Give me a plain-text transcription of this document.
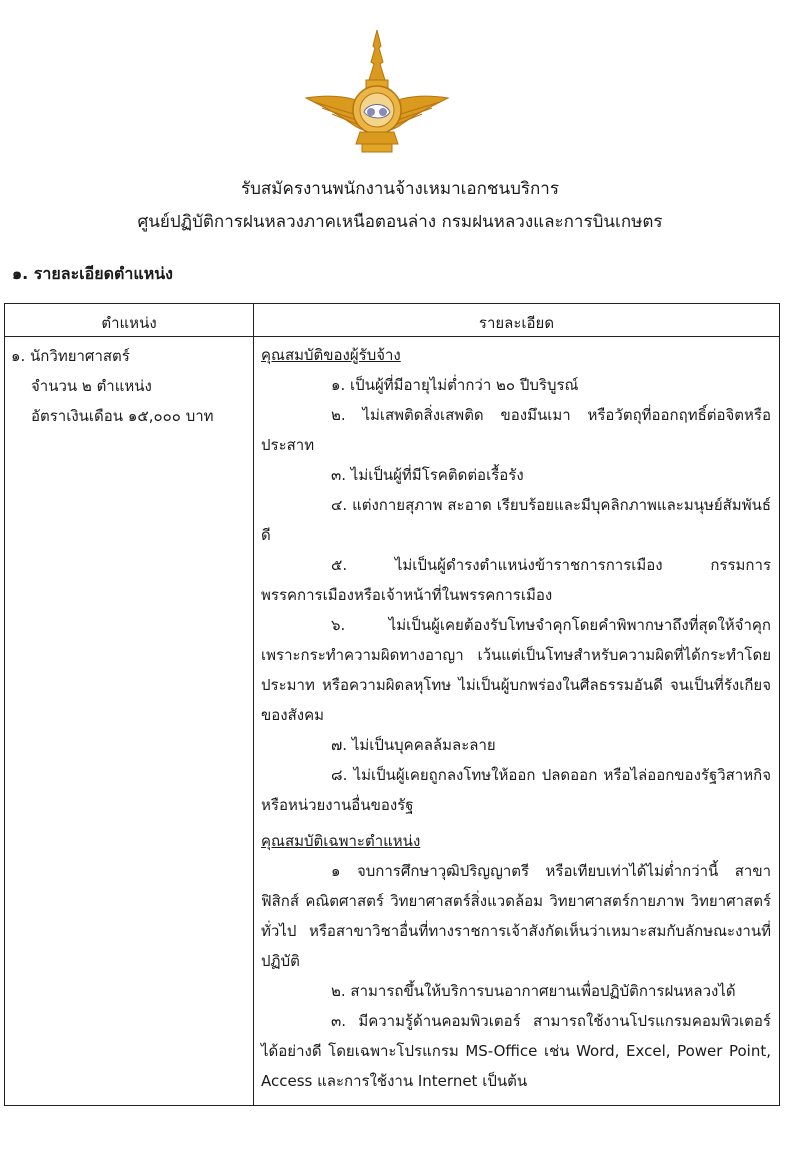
รับสมัครงานพนักงานจ้างเหมาเอกชนบริการ
ศูนย์ปฏิบัติการฝนหลวงภาคเหนือตอนล่าง กรมฝนหลวงและการบินเกษตร
๑. รายละเอียดตำแหน่ง
ตำแหน่ง	รายละเอียด
๑. นักวิทยาศาสตร์
จำนวน ๒ ตำแหน่ง
อัตราเงินเดือน ๑๕,๐๐๐ บาท
คุณสมบัติของผู้รับจ้าง
๑. เป็นผู้ที่มีอายุไม่ต่ำกว่า ๒๐ ปีบริบูรณ์
๒. ไม่เสพติดสิ่งเสพติด ของมึนเมา หรือวัตถุที่ออกฤทธิ์ต่อจิตหรือประสาท
๓. ไม่เป็นผู้ที่มีโรคติดต่อเรื้อรัง
๔. แต่งกายสุภาพ สะอาด เรียบร้อยและมีบุคลิกภาพและมนุษย์สัมพันธ์ดี
๕. ไม่เป็นผู้ดำรงตำแหน่งข้าราชการการเมือง กรรมการพรรคการเมืองหรือเจ้าหน้าที่ในพรรคการเมือง
๖. ไม่เป็นผู้เคยต้องรับโทษจำคุกโดยคำพิพากษาถึงที่สุดให้จำคุกเพราะกระทำความผิดทางอาญา เว้นแต่เป็นโทษสำหรับความผิดที่ได้กระทำโดยประมาท หรือความผิดลหุโทษ ไม่เป็นผู้บกพร่องในศีลธรรมอันดี จนเป็นที่รังเกียจของสังคม
๗. ไม่เป็นบุคคลล้มละลาย
๘. ไม่เป็นผู้เคยถูกลงโทษให้ออก ปลดออก หรือไล่ออกของรัฐวิสาหกิจหรือหน่วยงานอื่นของรัฐ
คุณสมบัติเฉพาะตำแหน่ง
๑ จบการศึกษาวุฒิปริญญาตรี หรือเทียบเท่าได้ไม่ต่ำกว่านี้ สาขาฟิสิกส์ คณิตศาสตร์ วิทยาศาสตร์สิ่งแวดล้อม วิทยาศาสตร์กายภาพ วิทยาศาสตร์ทั่วไป หรือสาขาวิชาอื่นที่ทางราชการเจ้าสังกัดเห็นว่าเหมาะสมกับลักษณะงานที่ปฏิบัติ
๒. สามารถขึ้นให้บริการบนอากาศยานเพื่อปฏิบัติการฝนหลวงได้
๓. มีความรู้ด้านคอมพิวเตอร์ สามารถใช้งานโปรแกรมคอมพิวเตอร์ได้อย่างดี โดยเฉพาะโปรแกรม MS-Office เช่น Word, Excel, Power Point, Access และการใช้งาน Internet เป็นต้น
